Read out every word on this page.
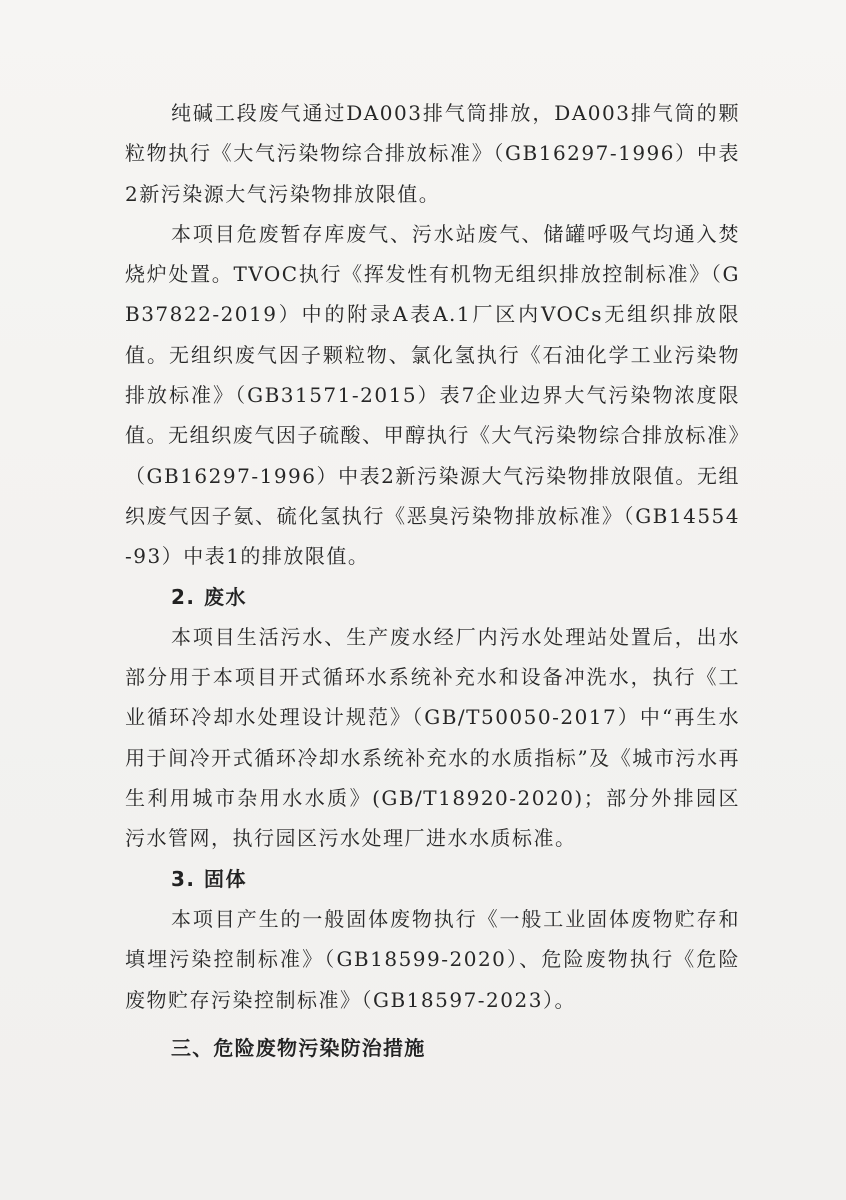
纯碱工段废气通过DA003排气筒排放，DA003排气筒的颗粒物执行《大气污染物综合排放标准》（GB16297-1996）中表2新污染源大气污染物排放限值。

本项目危废暂存库废气、污水站废气、储罐呼吸气均通入焚烧炉处置。TVOC执行《挥发性有机物无组织排放控制标准》（GB37822-2019）中的附录A表A.1厂区内VOCs无组织排放限值。无组织废气因子颗粒物、氯化氢执行《石油化学工业污染物排放标准》（GB31571-2015）表7企业边界大气污染物浓度限值。无组织废气因子硫酸、甲醇执行《大气污染物综合排放标准》（GB16297-1996）中表2新污染源大气污染物排放限值。无组织废气因子氨、硫化氢执行《恶臭污染物排放标准》（GB14554-93）中表1的排放限值。

2. 废水

本项目生活污水、生产废水经厂内污水处理站处置后，出水部分用于本项目开式循环水系统补充水和设备冲洗水，执行《工业循环冷却水处理设计规范》（GB/T50050-2017）中“再生水用于间冷开式循环冷却水系统补充水的水质指标”及《城市污水再生利用城市杂用水水质》(GB/T18920-2020)；部分外排园区污水管网，执行园区污水处理厂进水水质标准。

3. 固体

本项目产生的一般固体废物执行《一般工业固体废物贮存和填埋污染控制标准》（GB18599-2020）、危险废物执行《危险废物贮存污染控制标准》（GB18597-2023）。

三、危险废物污染防治措施
